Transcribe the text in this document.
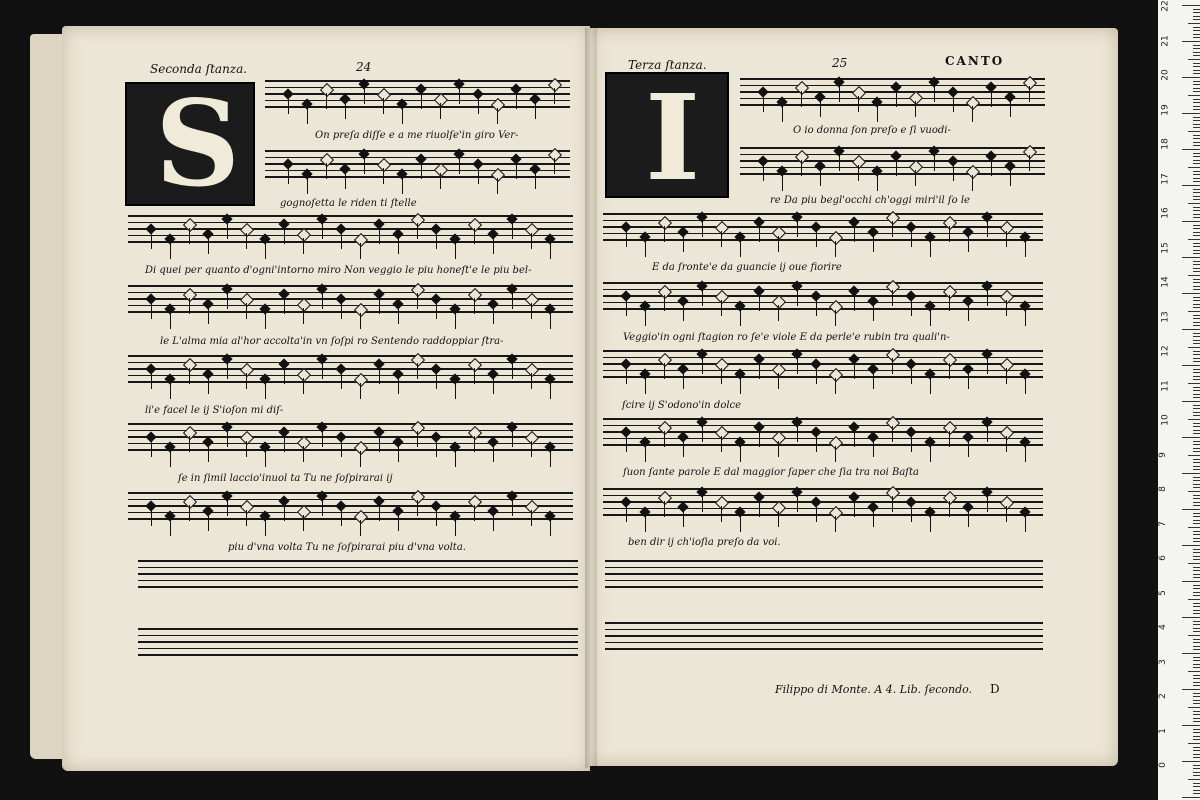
Seconda ſtanza.	24	Terza ſtanza.	25	CANTO
S	I
On preſa diſſe e a me riuolſe'in giro Ver-
gognoſetta le riden ti ſtelle
Di quei per quanto d'ogni'intorno miro Non veggio le piu honeſt'e le piu bel-
le L'alma mia al'hor accolta'in vn ſoſpi ro Sentendo raddoppiar ſtra-
li'e facel le ij S'ioſon mi diſ-
ſe in ſimil laccio'inuol ta Tu ne ſoſpirarai ij
piu d'vna volta Tu ne ſoſpirarai piu d'vna volta.
O io donna ſon preſo e ſi vuodi-
re Da piu begl'occhi ch'oggi miri'il ſo le
E da ſronte'e da guancie ij oue fiorire
Veggio'in ogni ſtagion ro ſe'e viole E da perle'e rubin tra quali'n-
ſcire ij S'odono'in dolce
ſuon ſante parole E dal maggior ſaper che ſia tra noi Baſta
ben dir ij ch'ioſia preſo da voi.
Filippo di Monte. A 4. Lib. ſecondo. D
0
1
2
3
4
5
6
7
8
9
10
11
12
13
14
15
16
17
18
19
20
21
22
